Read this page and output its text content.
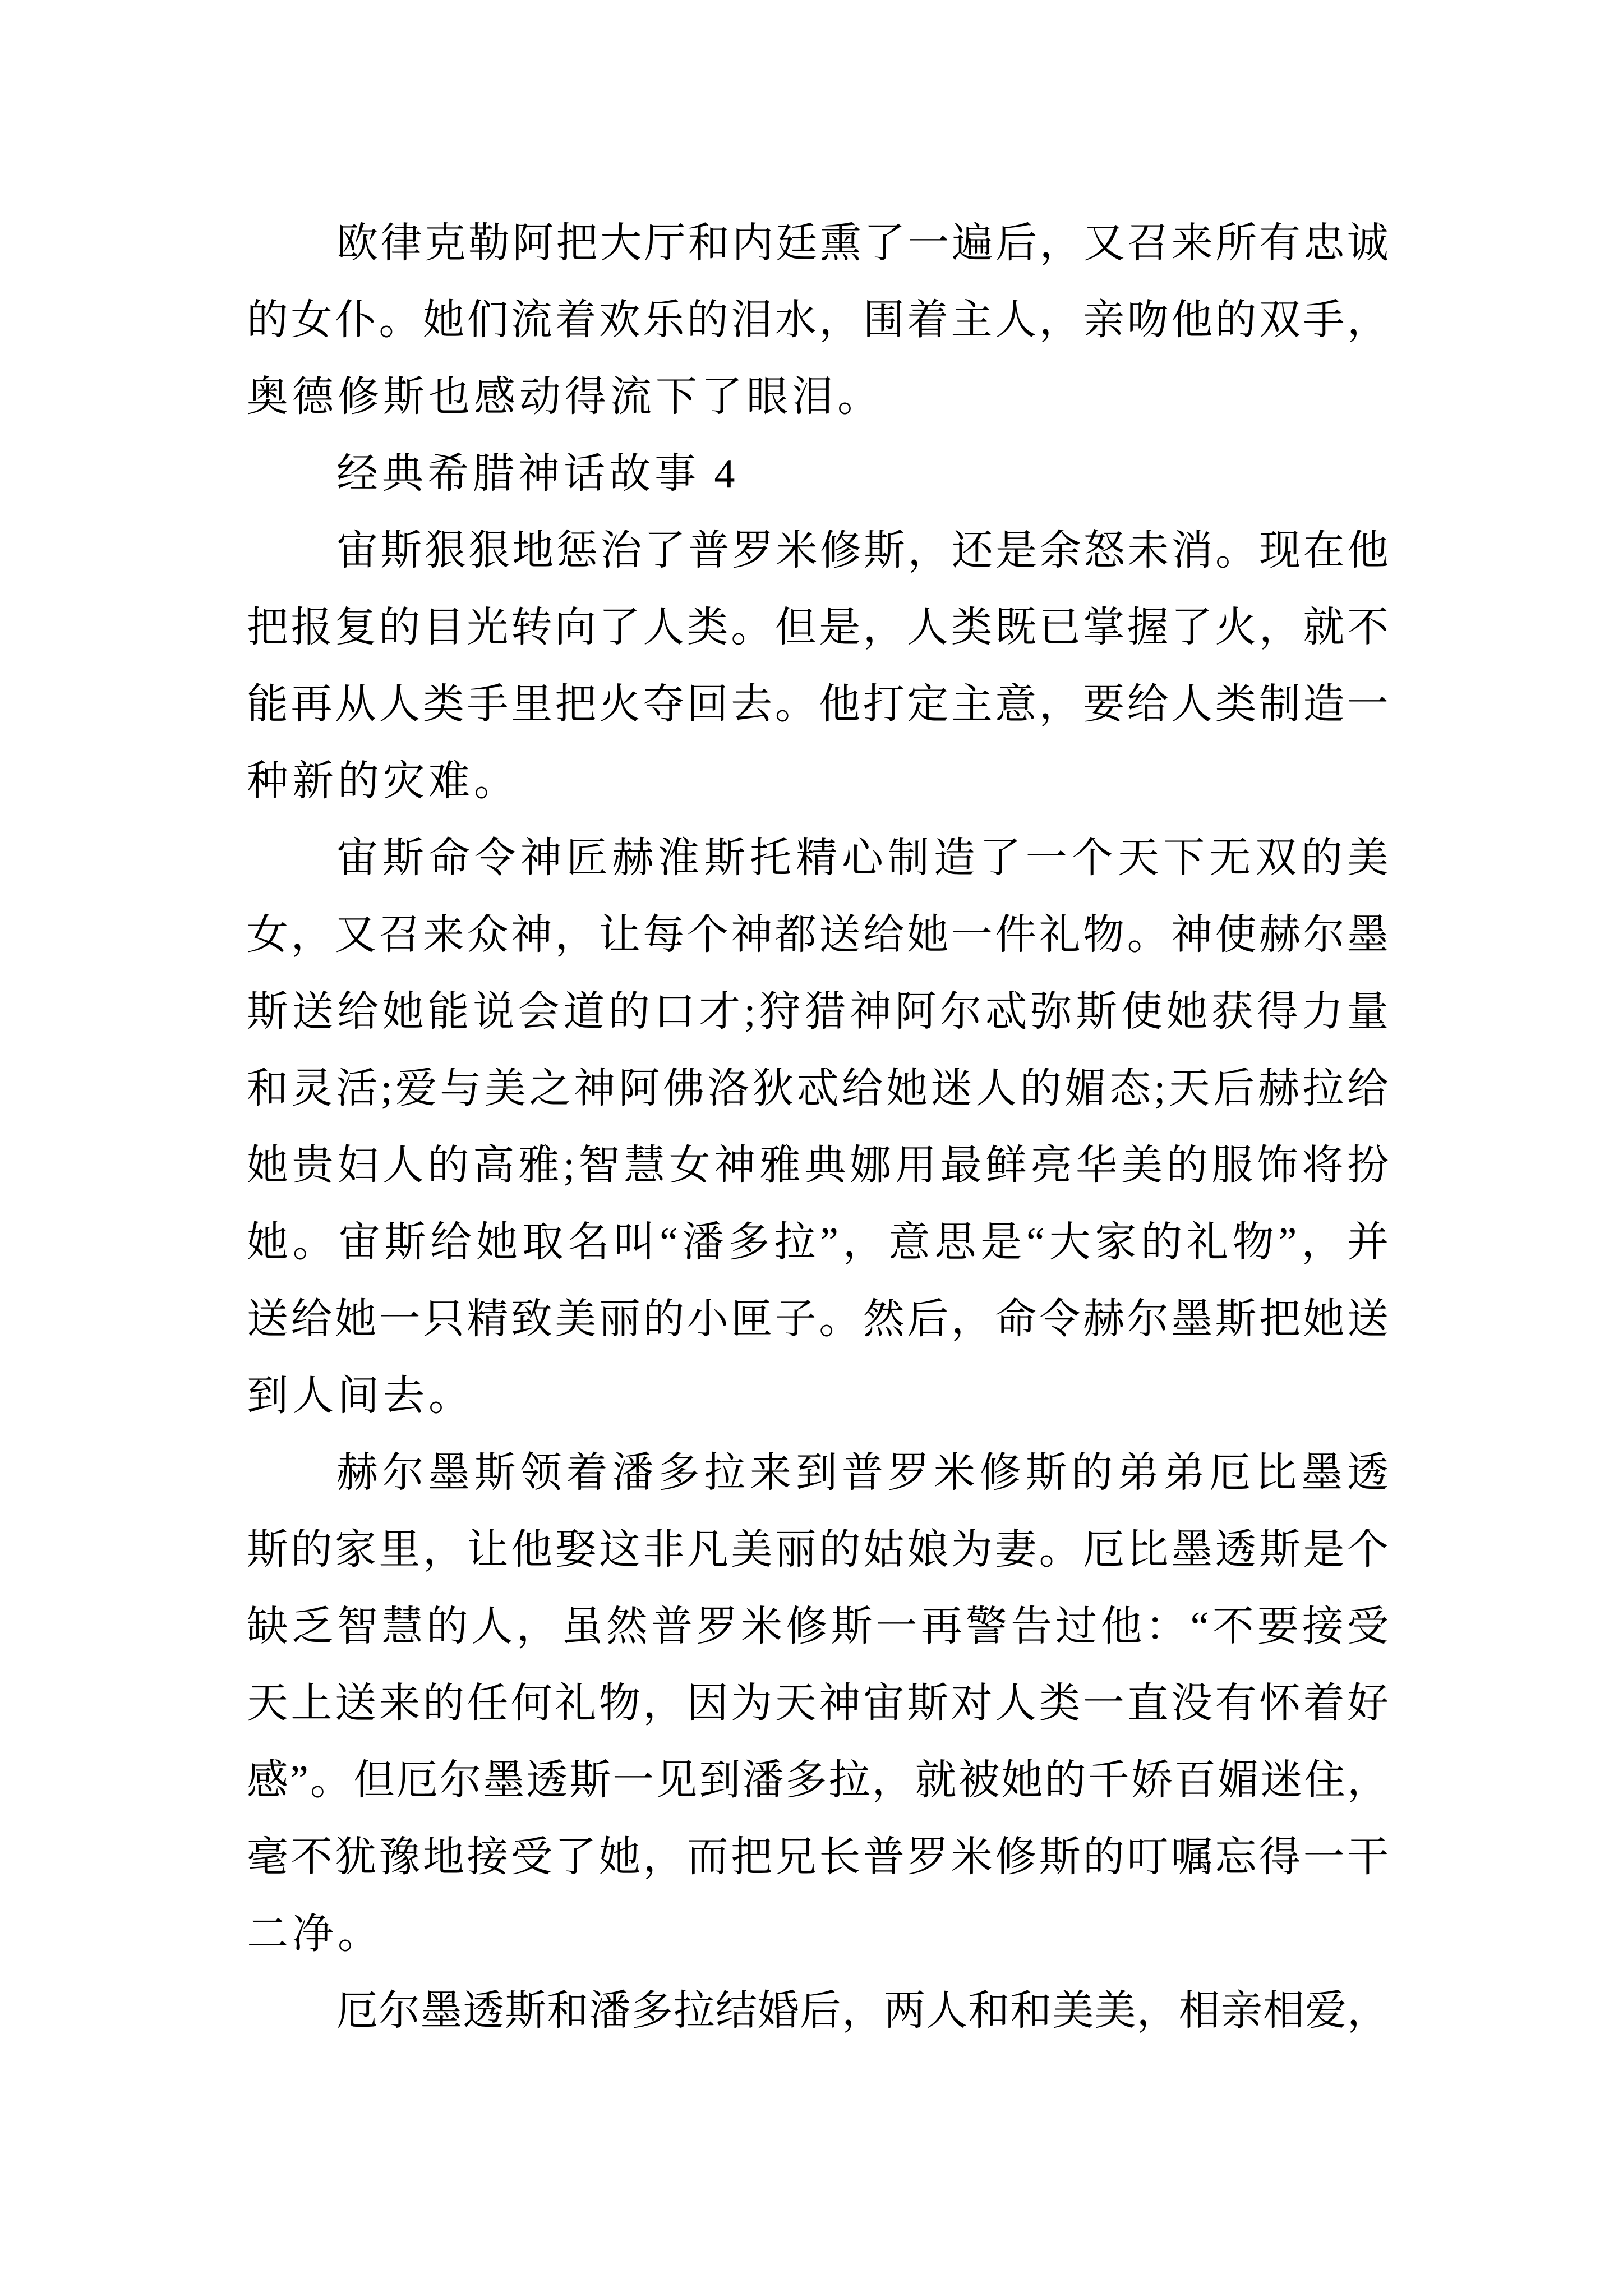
欧律克勒阿把大厅和内廷熏了一遍后，又召来所有忠诚
的女仆。她们流着欢乐的泪水，围着主人，亲吻他的双手，
奥德修斯也感动得流下了眼泪。
经典希腊神话故事 4
宙斯狠狠地惩治了普罗米修斯，还是余怒未消。现在他
把报复的目光转向了人类。但是，人类既已掌握了火，就不
能再从人类手里把火夺回去。他打定主意，要给人类制造一
种新的灾难。
宙斯命令神匠赫淮斯托精心制造了一个天下无双的美
女，又召来众神，让每个神都送给她一件礼物。神使赫尔墨
斯送给她能说会道的口才;狩猎神阿尔忒弥斯使她获得力量
和灵活;爱与美之神阿佛洛狄忒给她迷人的媚态;天后赫拉给
她贵妇人的高雅;智慧女神雅典娜用最鲜亮华美的服饰将扮
她。宙斯给她取名叫“潘多拉”，意思是“大家的礼物”，并
送给她一只精致美丽的小匣子。然后，命令赫尔墨斯把她送
到人间去。
赫尔墨斯领着潘多拉来到普罗米修斯的弟弟厄比墨透
斯的家里，让他娶这非凡美丽的姑娘为妻。厄比墨透斯是个
缺乏智慧的人，虽然普罗米修斯一再警告过他：“不要接受
天上送来的任何礼物，因为天神宙斯对人类一直没有怀着好
感”。但厄尔墨透斯一见到潘多拉，就被她的千娇百媚迷住，
毫不犹豫地接受了她，而把兄长普罗米修斯的叮嘱忘得一干
二净。
厄尔墨透斯和潘多拉结婚后，两人和和美美，相亲相爱，
